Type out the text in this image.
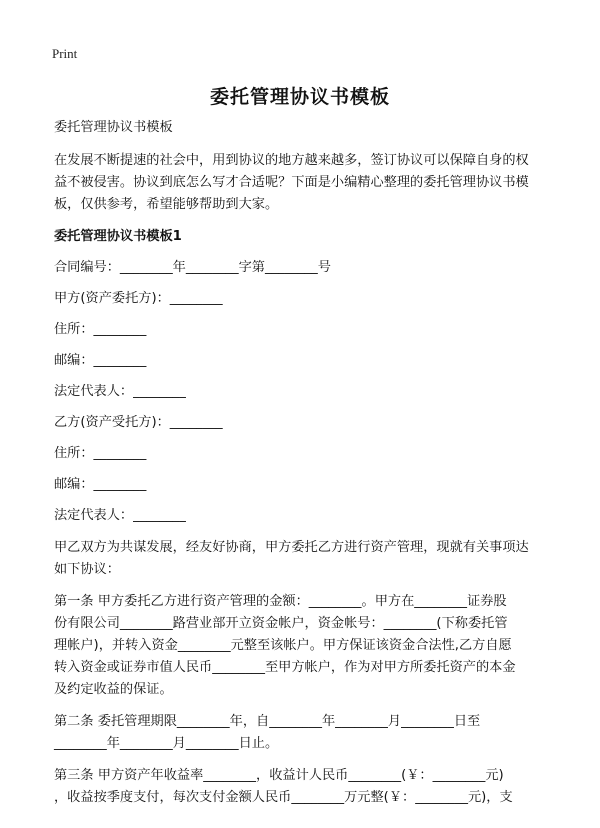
Print
委托管理协议书模板
委托管理协议书模板
在发展不断提速的社会中，用到协议的地方越来越多，签订协议可以保障自身的权
益不被侵害。协议到底怎么写才合适呢？下面是小编精心整理的委托管理协议书模
板，仅供参考，希望能够帮助到大家。
委托管理协议书模板1
合同编号：________年________字第________号
甲方(资产委托方)：________
住所：________
邮编：________
法定代表人：________
乙方(资产受托方)：________
住所：________
邮编：________
法定代表人：________
甲乙双方为共谋发展，经友好协商，甲方委托乙方进行资产管理，现就有关事项达
如下协议：
第一条 甲方委托乙方进行资产管理的金额：________。甲方在________证券股
份有限公司________路营业部开立资金帐户，资金帐号：________(下称委托管
理帐户)，并转入资金________元整至该帐户。甲方保证该资金合法性,乙方自愿
转入资金或证券市值人民币________至甲方帐户，作为对甲方所委托资产的本金
及约定收益的保证。
第二条 委托管理期限________年，自________年________月________日至
________年________月________日止。
第三条 甲方资产年收益率________，收益计人民币________(￥：________元)
，收益按季度支付，每次支付金额人民币________万元整(￥：________元)，支
